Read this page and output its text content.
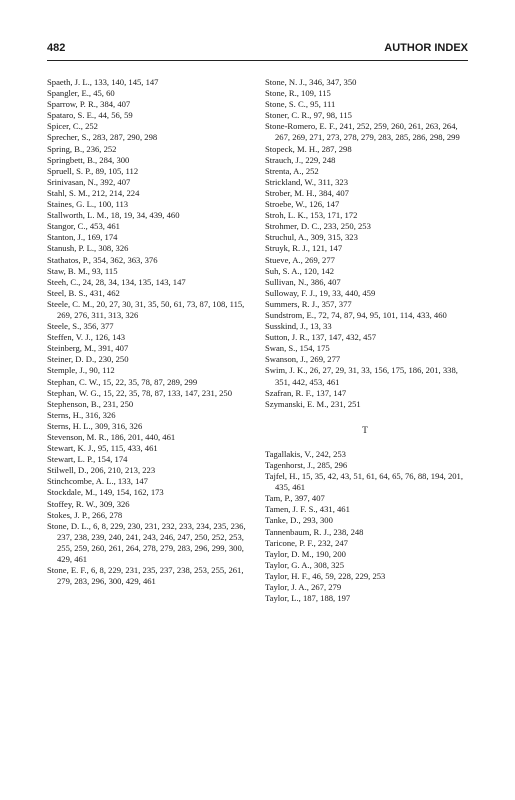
482	AUTHOR INDEX
Spaeth, J. L., 133, 140, 145, 147
Spangler, E., 45, 60
Sparrow, P. R., 384, 407
Spataro, S. E., 44, 56, 59
Spicer, C., 252
Sprecher, S., 283, 287, 290, 298
Spring, B., 236, 252
Springbett, B., 284, 300
Spruell, S. P., 89, 105, 112
Srinivasan, N., 392, 407
Stahl, S. M., 212, 214, 224
Staines, G. L., 100, 113
Stallworth, L. M., 18, 19, 34, 439, 460
Stangor, C., 453, 461
Stanton, J., 169, 174
Stanush, P. L., 308, 326
Stathatos, P., 354, 362, 363, 376
Staw, B. M., 93, 115
Steeh, C., 24, 28, 34, 134, 135, 143, 147
Steel, B. S., 431, 462
Steele, C. M., 20, 27, 30, 31, 35, 50, 61, 73, 87, 108, 115, 269, 276, 311, 313, 326
Steele, S., 356, 377
Steffen, V. J., 126, 143
Steinberg, M., 391, 407
Steiner, D. D., 230, 250
Stemple, J., 90, 112
Stephan, C. W., 15, 22, 35, 78, 87, 289, 299
Stephan, W. G., 15, 22, 35, 78, 87, 133, 147, 231, 250
Stephenson, B., 231, 250
Sterns, H., 316, 326
Sterns, H. L., 309, 316, 326
Stevenson, M. R., 186, 201, 440, 461
Stewart, K. J., 95, 115, 433, 461
Stewart, L. P., 154, 174
Stilwell, D., 206, 210, 213, 223
Stinchcombe, A. L., 133, 147
Stockdale, M., 149, 154, 162, 173
Stoffey, R. W., 309, 326
Stokes, J. P., 266, 278
Stone, D. L., 6, 8, 229, 230, 231, 232, 233, 234, 235, 236, 237, 238, 239, 240, 241, 243, 246, 247, 250, 252, 253, 255, 259, 260, 261, 264, 278, 279, 283, 296, 299, 300, 429, 461
Stone, E. F., 6, 8, 229, 231, 235, 237, 238, 253, 255, 261, 279, 283, 296, 300, 429, 461
Stone, N. J., 346, 347, 350
Stone, R., 109, 115
Stone, S. C., 95, 111
Stoner, C. R., 97, 98, 115
Stone-Romero, E. F., 241, 252, 259, 260, 261, 263, 264, 267, 269, 271, 273, 278, 279, 283, 285, 286, 298, 299
Stopeck, M. H., 287, 298
Strauch, J., 229, 248
Strenta, A., 252
Strickland, W., 311, 323
Strober, M. H., 384, 407
Stroebe, W., 126, 147
Stroh, L. K., 153, 171, 172
Strohmer, D. C., 233, 250, 253
Struchul, A., 309, 315, 323
Struyk, R. J., 121, 147
Stueve, A., 269, 277
Suh, S. A., 120, 142
Sullivan, N., 386, 407
Sulloway, F. J., 19, 33, 440, 459
Summers, R. J., 357, 377
Sundstrom, E., 72, 74, 87, 94, 95, 101, 114, 433, 460
Susskind, J., 13, 33
Sutton, J. R., 137, 147, 432, 457
Swan, S., 154, 175
Swanson, J., 269, 277
Swim, J. K., 26, 27, 29, 31, 33, 156, 175, 186, 201, 338, 351, 442, 453, 461
Szafran, R. F., 137, 147
Szymanski, E. M., 231, 251
T
Tagallakis, V., 242, 253
Tagenhorst, J., 285, 296
Tajfel, H., 15, 35, 42, 43, 51, 61, 64, 65, 76, 88, 194, 201, 435, 461
Tam, P., 397, 407
Tamen, J. F. S., 431, 461
Tanke, D., 293, 300
Tannenbaum, R. J., 238, 248
Taricone, P. F., 232, 247
Taylor, D. M., 190, 200
Taylor, G. A., 308, 325
Taylor, H. F., 46, 59, 228, 229, 253
Taylor, J. A., 267, 279
Taylor, L., 187, 188, 197
